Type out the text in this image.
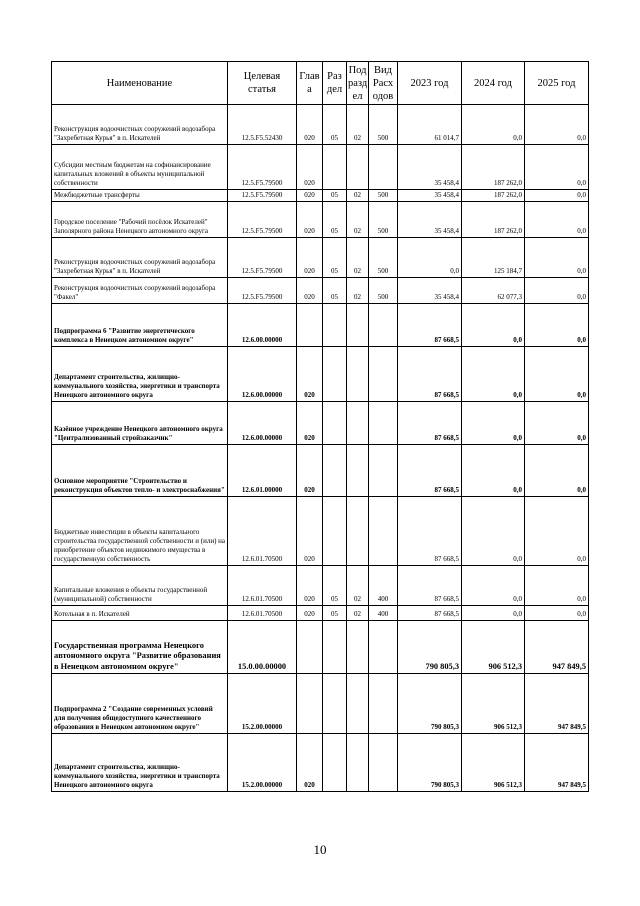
Наименование	Целевая статья	Глав а	Раз дел	Под разд ел	Вид Расх одов	2023 год	2024 год	2025 год
Реконструкция водоочистных сооружений водозабора "Захребетная Курья" в п. Искателей	12.5.F5.52430	020	05	02	500	61 014,7	0,0	0,0
Субсидии местным бюджетам на софинансирование капитальных вложений в объекты муниципальной собственности	12.5.F5.79500	020				35 458,4	187 262,0	0,0
Межбюджетные трансферты	12.5.F5.79500	020	05	02	500	35 458,4	187 262,0	0,0
Городское поселение "Рабочий посёлок Искателей" Заполярного района Ненецкого автономного округа	12.5.F5.79500	020	05	02	500	35 458,4	187 262,0	0,0
Реконструкция водоочистных сооружений водозабора "Захребетная Курья" в п. Искателей	12.5.F5.79500	020	05	02	500	0,0	125 184,7	0,0
Реконструкция водоочистных сооружений водозабора "Факел"	12.5.F5.79500	020	05	02	500	35 458,4	62 077,3	0,0
Подпрограмма 6 "Развитие энергетического комплекса в Ненецком автономном округе"	12.6.00.00000					87 668,5	0,0	0,0
Департамент строительства, жилищно-коммунального хозяйства, энергетики и транспорта Ненецкого автономного округа	12.6.00.00000	020				87 668,5	0,0	0,0
Казённое учреждение Ненецкого автономного округа "Централизованный стройзаказчик"	12.6.00.00000	020				87 668,5	0,0	0,0
Основное мероприятие "Строительство и реконструкция объектов тепло- и электроснабжения"	12.6.01.00000	020				87 668,5	0,0	0,0
Бюджетные инвестиции в объекты капитального строительства государственной собственности и (или) на приобретение объектов недвижимого имущества в государственную собственность	12.6.01.70500	020				87 668,5	0,0	0,0
Капитальные вложения в объекты государственной (муниципальной) собственности	12.6.01.70500	020	05	02	400	87 668,5	0,0	0,0
Котельная в п. Искателей	12.6.01.70500	020	05	02	400	87 668,5	0,0	0,0
Государственная программа Ненецкого автономного округа "Развитие образования в Ненецком автономном округе"	15.0.00.00000					790 805,3	906 512,3	947 849,5
Подпрограмма 2 "Создание современных условий для получения общедоступного качественного образования в Ненецком автономном округе"	15.2.00.00000					790 805,3	906 512,3	947 849,5
Департамент строительства, жилищно-коммунального хозяйства, энергетики и транспорта Ненецкого автономного округа	15.2.00.00000	020				790 805,3	906 512,3	947 849,5
10
